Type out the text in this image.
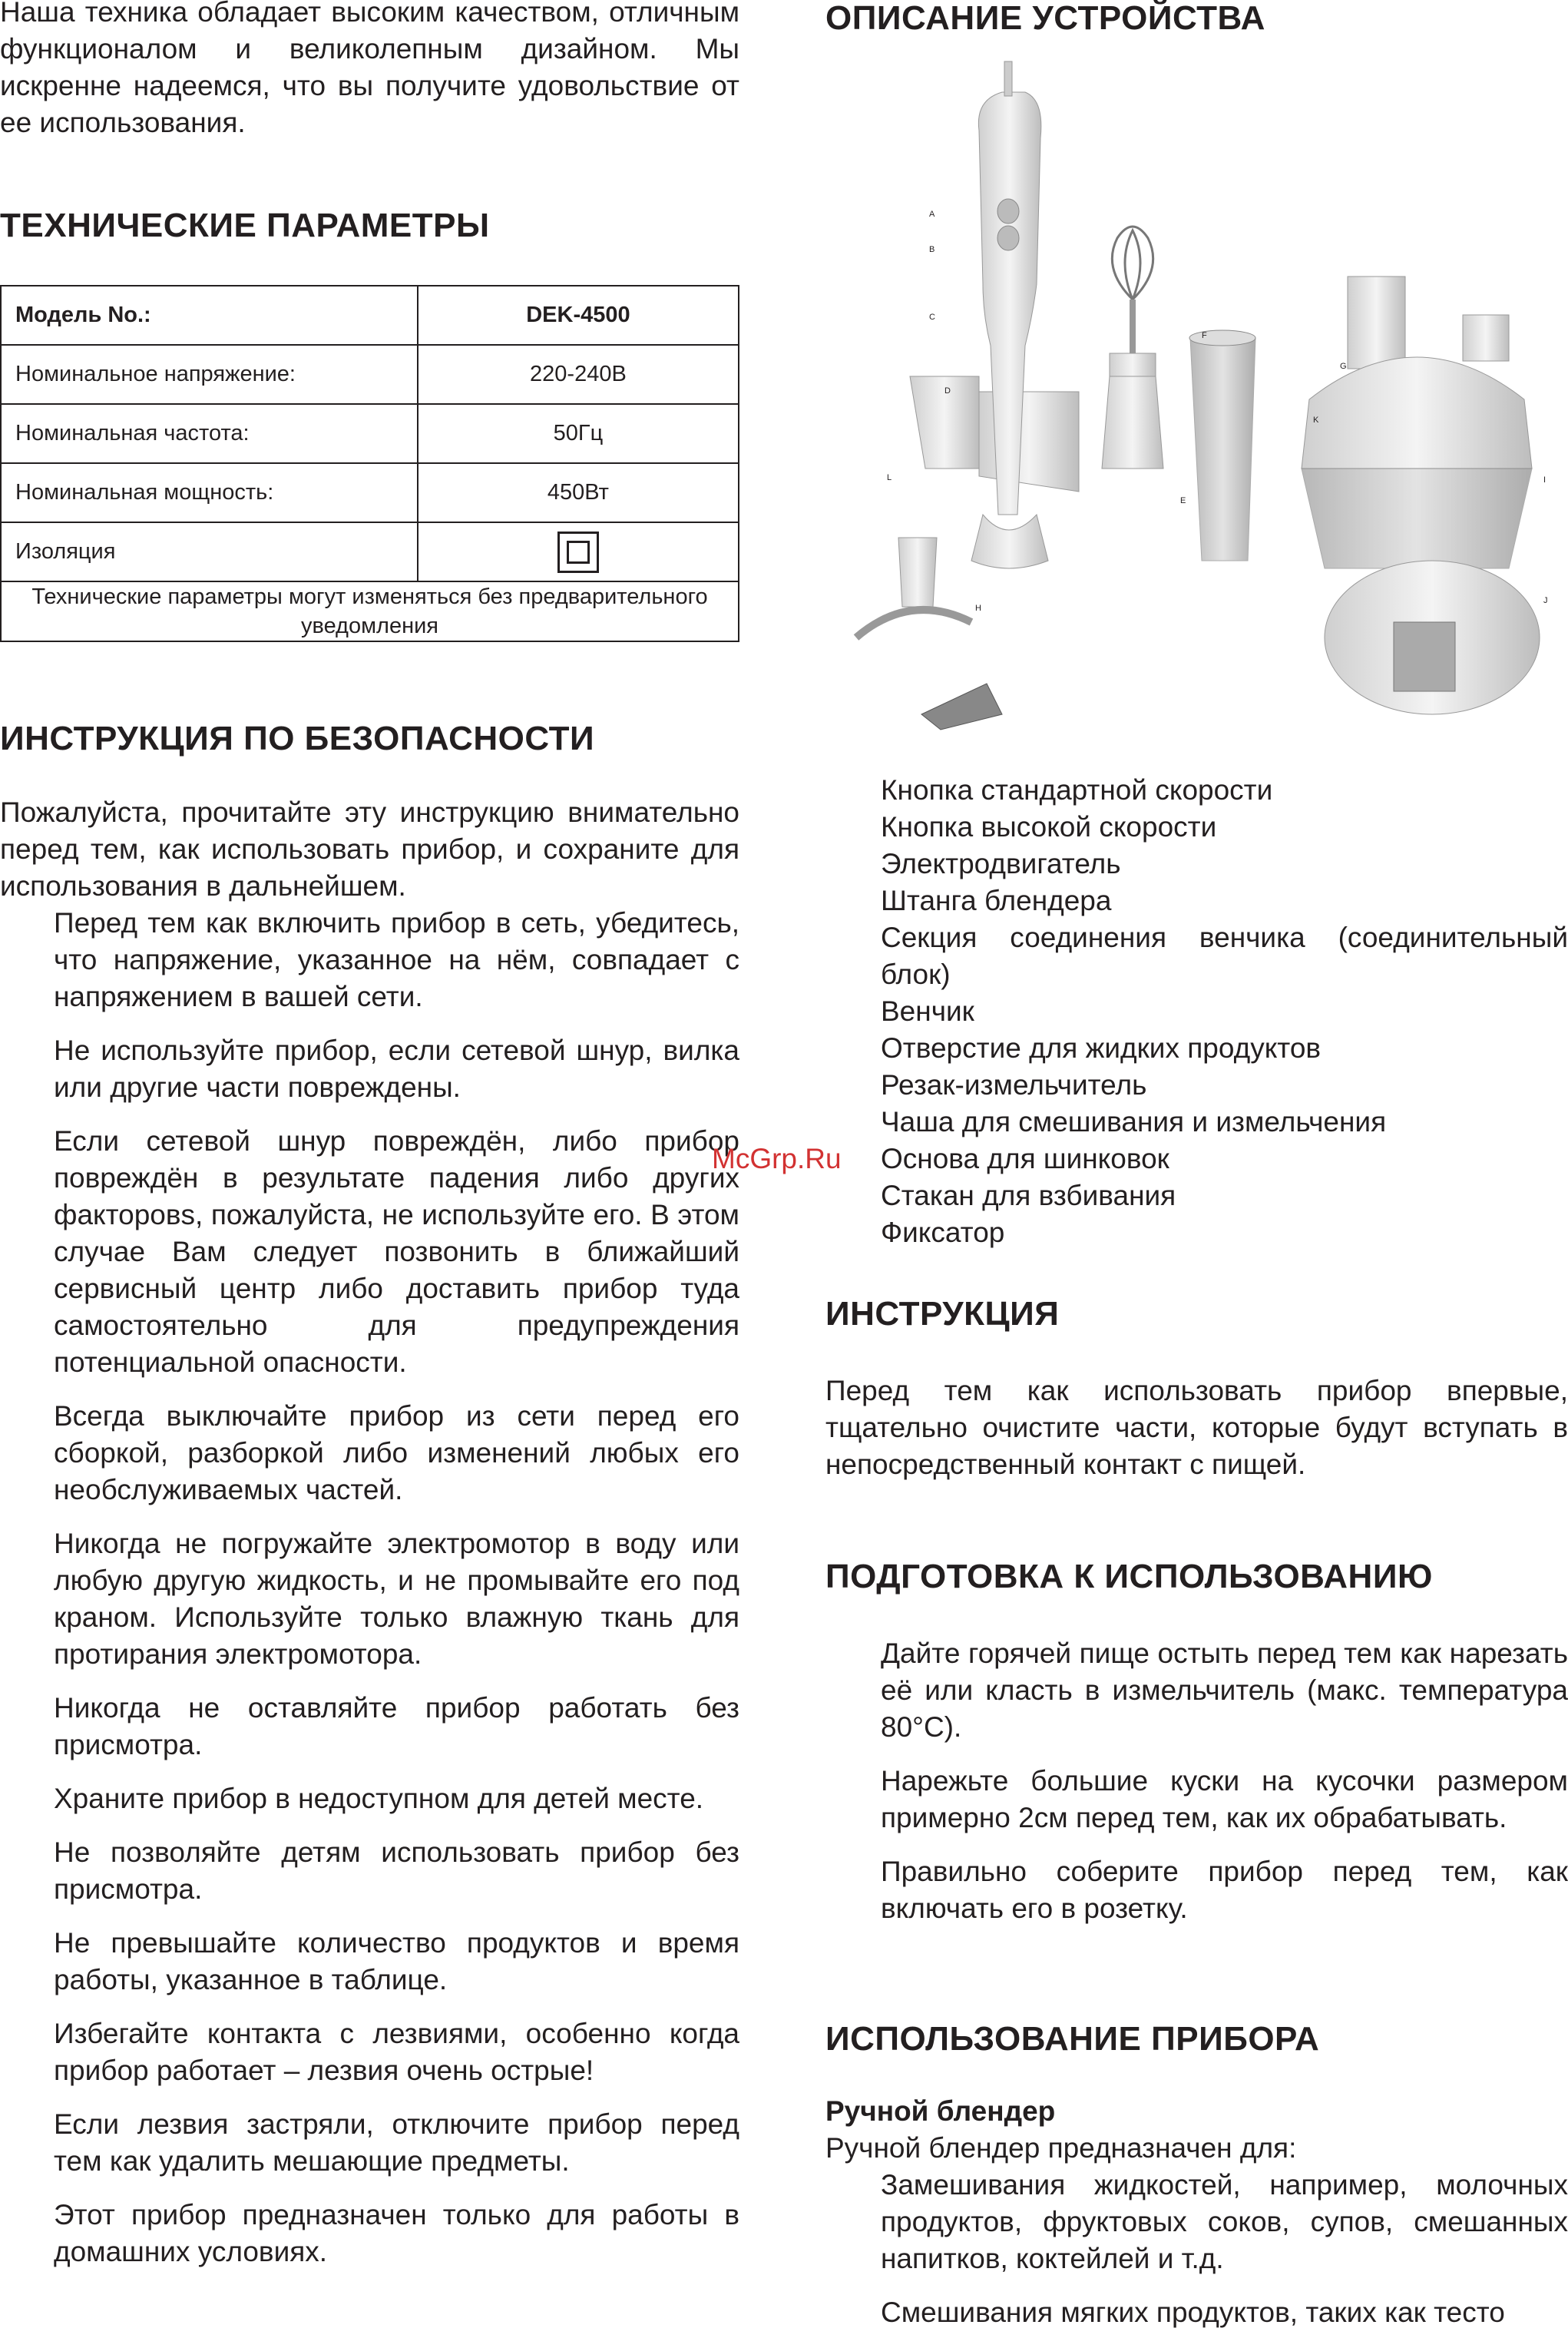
Наша техника обладает высоким качеством, отличным функционалом и великолепным дизайном. Мы искренне надеемся, что вы получите удовольствие от ее использования.

ТЕХНИЧЕСКИЕ ПАРАМЕТРЫ
Модель No.:	DEK-4500
Номинальное напряжение:	220-240В
Номинальная частота:	50Гц
Номинальная мощность:	450Вт
Изоляция	
Технические параметры могут изменяться без предварительного уведомления	
ИНСТРУКЦИЯ ПО БЕЗОПАСНОСТИ

Пожалуйста, прочитайте эту инструкцию внимательно перед тем, как использовать прибор, и сохраните для использования в дальнейшем.

Перед тем как включить прибор в сеть, убедитесь, что напряжение, указанное на нём, совпадает с напряжением в вашей сети.
Не используйте прибор, если сетевой шнур, вилка или другие части повреждены.
Если сетевой шнур повреждён, либо прибор повреждён в результате падения либо других факторовs, пожалуйста, не используйте его. В этом случае Вам следует позвонить в ближайший сервисный центр либо доставить прибор туда самостоятельно для предупреждения потенциальной опасности.
Всегда выключайте прибор из сети перед его сборкой, разборкой либо изменений любых его необслуживаемых частей.
Никогда не погружайте электромотор в воду или любую другую жидкость, и не промывайте его под краном. Используйте только влажную ткань для протирания электромотора.
Никогда не оставляйте прибор работать без присмотра.
Храните прибор в недоступном для детей месте.
Не позволяйте детям использовать прибор без присмотра.
Не превышайте количество продуктов и время работы, указанное в таблице.
Избегайте контакта с лезвиями, особенно когда прибор работает – лезвия очень острые!
Если лезвия застряли, отключите прибор перед тем как удалить мешающие предметы.
Этот прибор предназначен только для работы в домашних условиях.
ОПИСАНИЕ УСТРОЙСТВА
A
B
C
D
E
F
G
H
I
J
K
L
Кнопка стандартной скорости
Кнопка высокой скорости
Электродвигатель
Штанга блендера
Секция соединения венчика (соединительный блок)
Венчик
Отверстие для жидких продуктов
Резак-измельчитель
Чаша для смешивания и измельчения
Основа для шинковок
Стакан для взбивания
Фиксатор
ИНСТРУКЦИЯ

Перед тем как использовать прибор впервые, тщательно очистите части, которые будут вступать в непосредственный контакт с пищей.

ПОДГОТОВКА К ИСПОЛЬЗОВАНИЮ
Дайте горячей пище остыть перед тем как нарезать её или класть в измельчитель (макс. температура 80°С).
Нарежьте большие куски на кусочки размером примерно 2см перед тем, как их обрабатывать.
Правильно соберите прибор перед тем, как включать его в розетку.
ИСПОЛЬЗОВАНИЕ ПРИБОРА
Ручной блендер

Ручной блендер предназначен для:

Замешивания жидкостей, например, молочных продуктов, фруктовых соков, супов, смешанных напитков, коктейлей и т.д.
Смешивания мягких продуктов, таких как тесто
McGrp.Ru
